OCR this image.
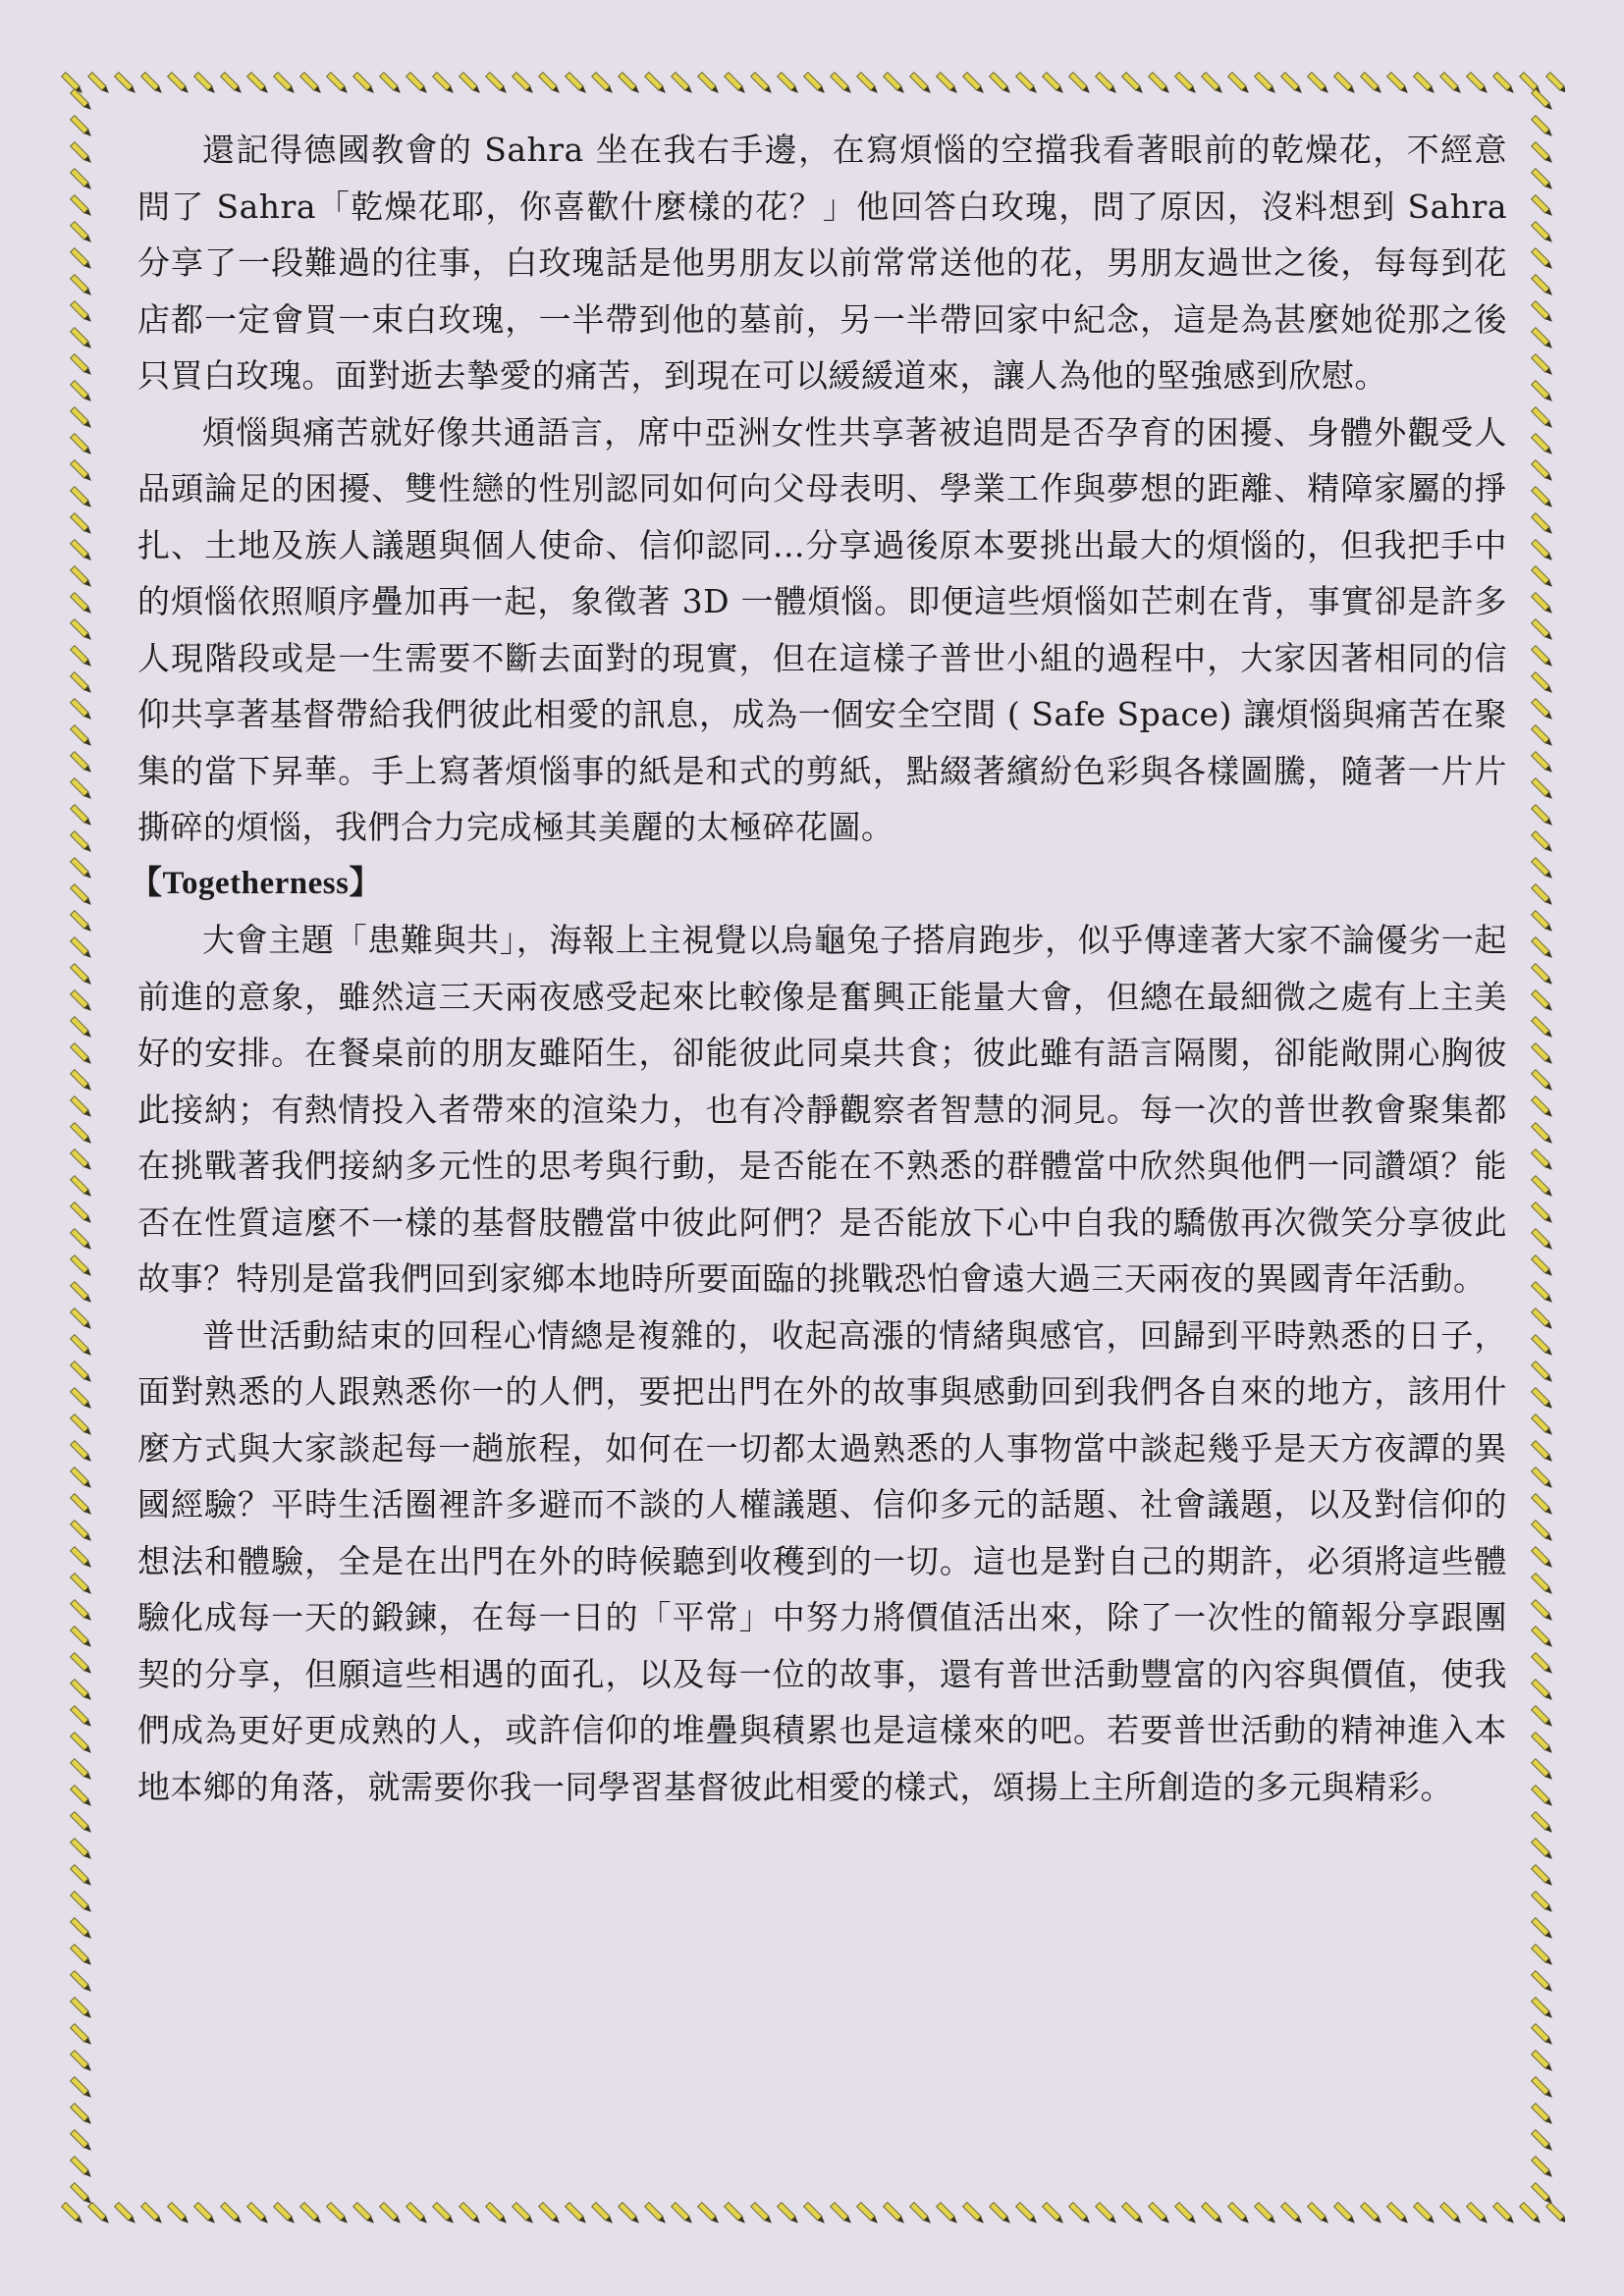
還記得德國教會的 Sahra 坐在我右手邊，在寫煩惱的空擋我看著眼前的乾燥花，不經意問了 Sahra「乾燥花耶，你喜歡什麼樣的花？」他回答白玫瑰，問了原因，沒料想到 Sahra 分享了一段難過的往事，白玫瑰話是他男朋友以前常常送他的花，男朋友過世之後，每每到花店都一定會買一束白玫瑰，一半帶到他的墓前，另一半帶回家中紀念，這是為甚麼她從那之後只買白玫瑰。面對逝去摯愛的痛苦，到現在可以緩緩道來，讓人為他的堅強感到欣慰。

煩惱與痛苦就好像共通語言，席中亞洲女性共享著被追問是否孕育的困擾、身體外觀受人品頭論足的困擾、雙性戀的性別認同如何向父母表明、學業工作與夢想的距離、精障家屬的掙扎、土地及族人議題與個人使命、信仰認同...分享過後原本要挑出最大的煩惱的，但我把手中的煩惱依照順序疊加再一起，象徵著 3D 一體煩惱。即便這些煩惱如芒刺在背，事實卻是許多人現階段或是一生需要不斷去面對的現實，但在這樣子普世小組的過程中，大家因著相同的信仰共享著基督帶給我們彼此相愛的訊息，成為一個安全空間 ( Safe Space) 讓煩惱與痛苦在聚集的當下昇華。手上寫著煩惱事的紙是和式的剪紙，點綴著繽紛色彩與各樣圖騰，隨著一片片撕碎的煩惱，我們合力完成極其美麗的太極碎花圖。

【Togetherness】

大會主題「患難與共」，海報上主視覺以烏龜兔子搭肩跑步，似乎傳達著大家不論優劣一起前進的意象，雖然這三天兩夜感受起來比較像是奮興正能量大會，但總在最細微之處有上主美好的安排。在餐桌前的朋友雖陌生，卻能彼此同桌共食；彼此雖有語言隔閡，卻能敞開心胸彼此接納；有熱情投入者帶來的渲染力，也有冷靜觀察者智慧的洞見。每一次的普世教會聚集都在挑戰著我們接納多元性的思考與行動，是否能在不熟悉的群體當中欣然與他們一同讚頌？能否在性質這麼不一樣的基督肢體當中彼此阿們？是否能放下心中自我的驕傲再次微笑分享彼此故事？特別是當我們回到家鄉本地時所要面臨的挑戰恐怕會遠大過三天兩夜的異國青年活動。

普世活動結束的回程心情總是複雜的，收起高漲的情緒與感官，回歸到平時熟悉的日子，面對熟悉的人跟熟悉你一的人們，要把出門在外的故事與感動回到我們各自來的地方，該用什麼方式與大家談起每一趟旅程，如何在一切都太過熟悉的人事物當中談起幾乎是天方夜譚的異國經驗？平時生活圈裡許多避而不談的人權議題、信仰多元的話題、社會議題，以及對信仰的想法和體驗，全是在出門在外的時候聽到收穫到的一切。這也是對自己的期許，必須將這些體驗化成每一天的鍛鍊，在每一日的「平常」中努力將價值活出來，除了一次性的簡報分享跟團契的分享，但願這些相遇的面孔，以及每一位的故事，還有普世活動豐富的內容與價值，使我們成為更好更成熟的人，或許信仰的堆疊與積累也是這樣來的吧。若要普世活動的精神進入本地本鄉的角落，就需要你我一同學習基督彼此相愛的樣式，頌揚上主所創造的多元與精彩。
